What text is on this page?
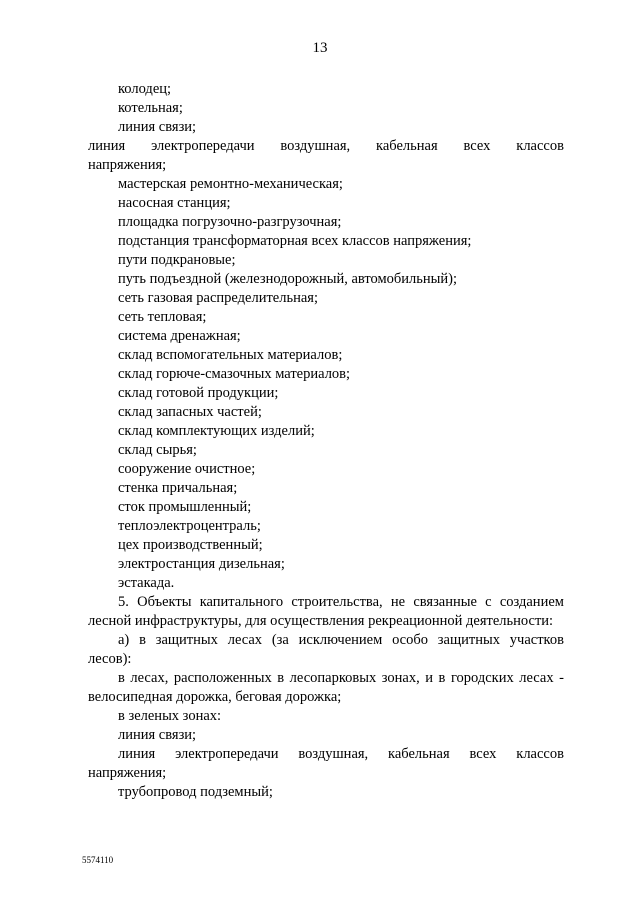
13
колодец;
котельная;
линия связи;
линия электропередачи воздушная, кабельная всех классов
напряжения;
мастерская ремонтно-механическая;
насосная станция;
площадка погрузочно-разгрузочная;
подстанция трансформаторная всех классов напряжения;
пути подкрановые;
путь подъездной (железнодорожный, автомобильный);
сеть газовая распределительная;
сеть тепловая;
система дренажная;
склад вспомогательных материалов;
склад горюче-смазочных материалов;
склад готовой продукции;
склад запасных частей;
склад комплектующих изделий;
склад сырья;
сооружение очистное;
стенка причальная;
сток промышленный;
теплоэлектроцентраль;
цех производственный;
электростанция дизельная;
эстакада.
5. Объекты капитального строительства, не связанные с созданием
лесной инфраструктуры, для осуществления рекреационной деятельности:
а) в защитных лесах (за исключением особо защитных участков
лесов):
в лесах, расположенных в лесопарковых зонах, и в городских лесах -
велосипедная дорожка, беговая дорожка;
в зеленых зонах:
линия связи;
линия электропередачи воздушная, кабельная всех классов
напряжения;
трубопровод подземный;
5574110
